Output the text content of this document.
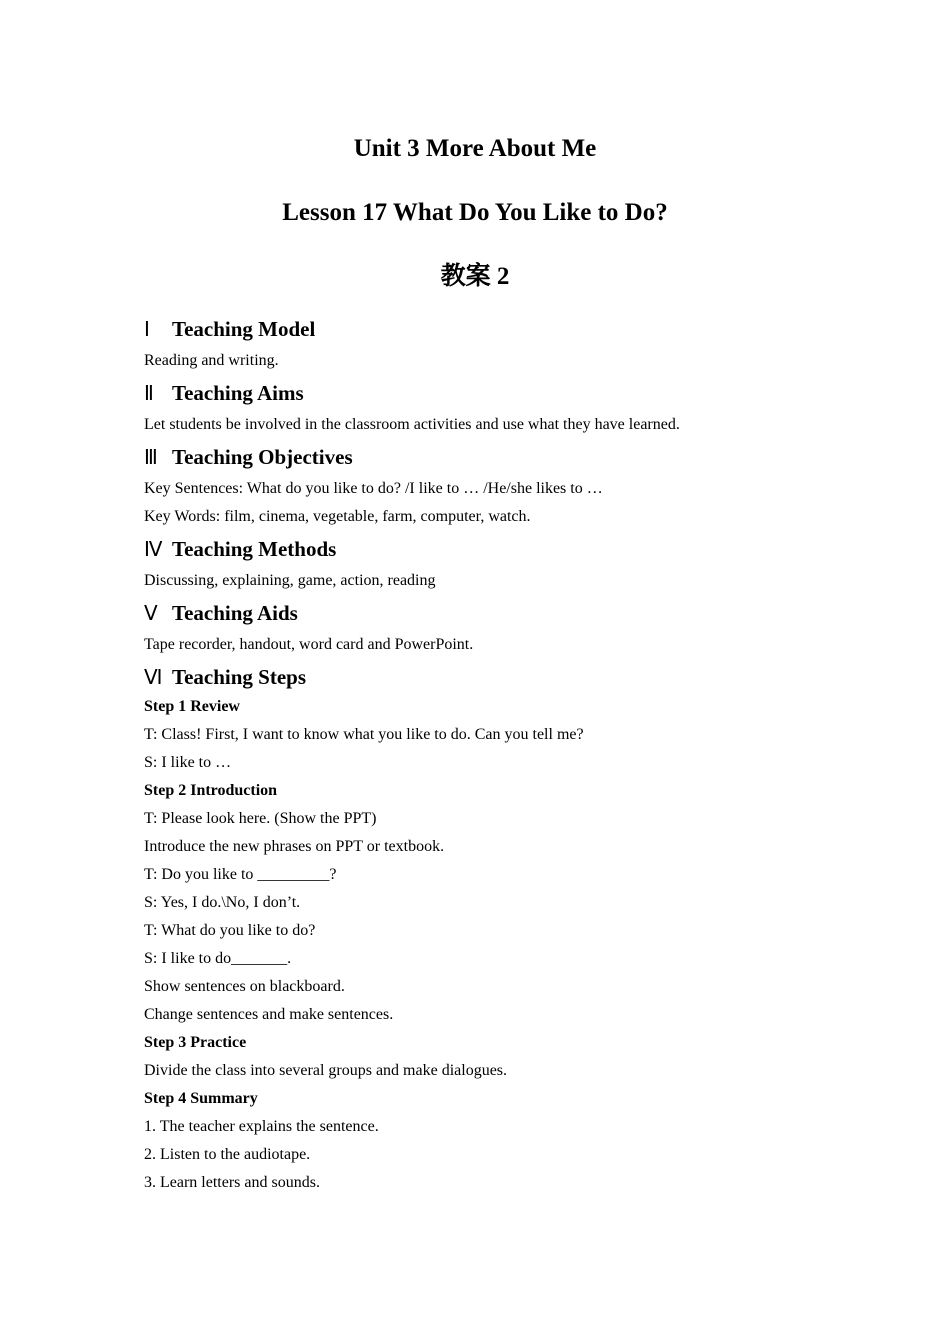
Unit 3 More About Me
Lesson 17 What Do You Like to Do?
教案 2
Ⅰ Teaching Model

Reading and writing.

Ⅱ Teaching Aims

Let students be involved in the classroom activities and use what they have learned.

Ⅲ Teaching Objectives

Key Sentences: What do you like to do? /I like to … /He/she likes to …

Key Words: film, cinema, vegetable, farm, computer, watch.

Ⅳ Teaching Methods

Discussing, explaining, game, action, reading

Ⅴ Teaching Aids

Tape recorder, handout, word card and PowerPoint.

Ⅵ Teaching Steps

Step 1 Review

T: Class! First, I want to know what you like to do. Can you tell me?

S: I like to …

Step 2 Introduction

T: Please look here. (Show the PPT)

Introduce the new phrases on PPT or textbook.

T: Do you like to _________?

S: Yes, I do.\No, I don’t.

T: What do you like to do?

S: I like to do_______.

Show sentences on blackboard.

Change sentences and make sentences.

Step 3 Practice

Divide the class into several groups and make dialogues.

Step 4 Summary

1. The teacher explains the sentence.

2. Listen to the audiotape.

3. Learn letters and sounds.
